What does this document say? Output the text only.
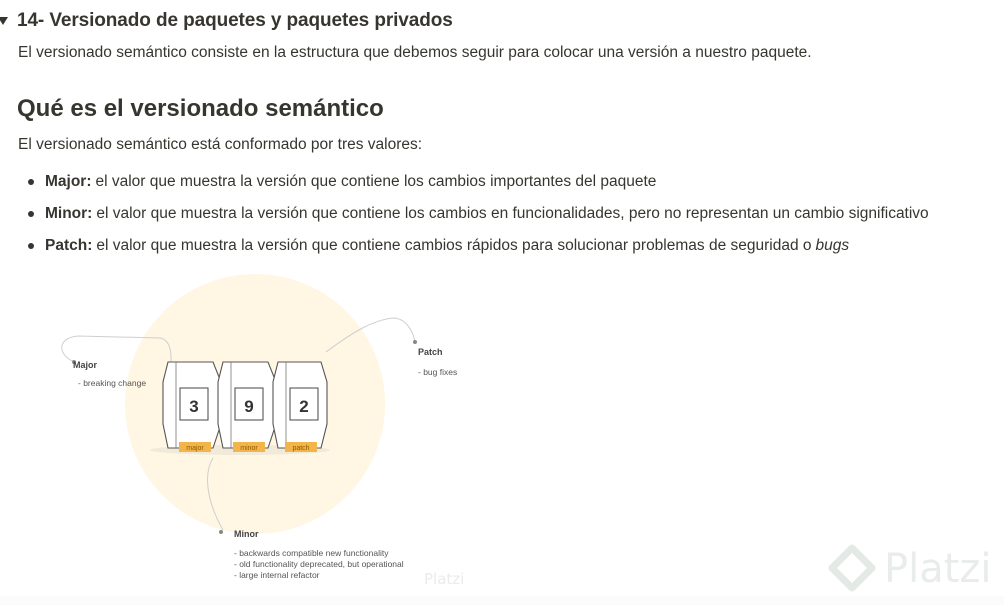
14- Versionado de paquetes y paquetes privados
El versionado semántico consiste en la estructura que debemos seguir para colocar una versión a nuestro paquete.
Qué es el versionado semántico
El versionado semántico está conformado por tres valores:
Major: el valor que muestra la versión que contiene los cambios importantes del paquete
Minor: el valor que muestra la versión que contiene los cambios en funcionalidades, pero no representan un cambio significativo
Patch: el valor que muestra la versión que contiene cambios rápidos para solucionar problemas de seguridad o bugs
3
major
9
minor
2
patch
Major
- breaking change
Patch
- bug fixes
Minor
- backwards compatible new functionality
- old functionality deprecated, but operational
- large internal refactor	Platzi	Platzi
